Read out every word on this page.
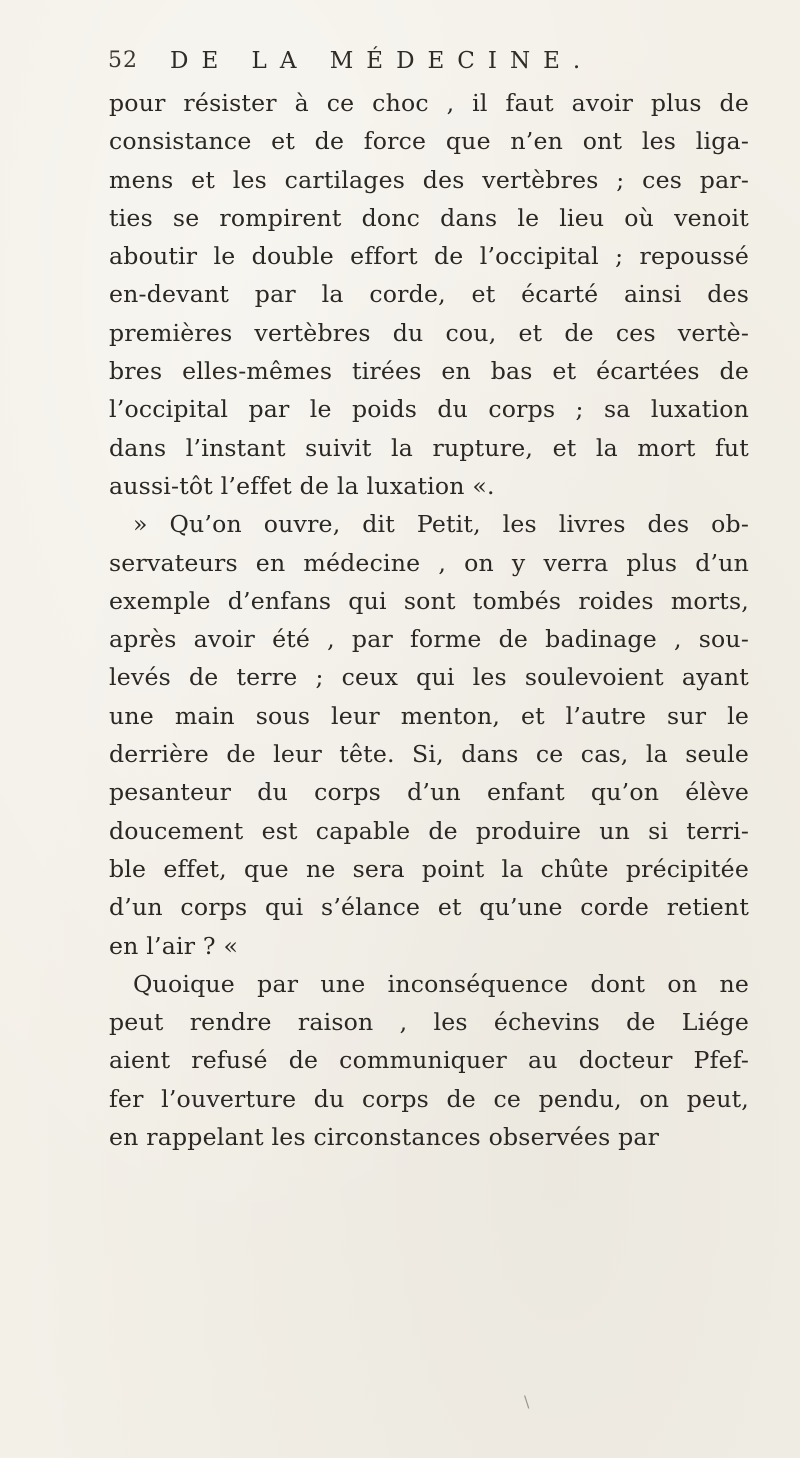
52 DE LA MÉDECINE.
pour résister à ce choc , il faut avoir plus de
consistance et de force que n’en ont les liga-
mens et les cartilages des vertèbres ; ces par-
ties se rompirent donc dans le lieu où venoit
aboutir le double effort de l’occipital ; repoussé
en-devant par la corde, et écarté ainsi des
premières vertèbres du cou, et de ces vertè-
bres elles-mêmes tirées en bas et écartées de
l’occipital par le poids du corps ; sa luxation
dans l’instant suivit la rupture, et la mort fut
aussi-tôt l’effet de la luxation «.
» Qu’on ouvre, dit Petit, les livres des ob-
servateurs en médecine , on y verra plus d’un
exemple d’enfans qui sont tombés roides morts,
après avoir été , par forme de badinage , sou-
levés de terre ; ceux qui les soulevoient ayant
une main sous leur menton, et l’autre sur le
derrière de leur tête. Si, dans ce cas, la seule
pesanteur du corps d’un enfant qu’on élève
doucement est capable de produire un si terri-
ble effet, que ne sera point la chûte précipitée
d’un corps qui s’élance et qu’une corde retient
en l’air ? «
Quoique par une inconséquence dont on ne
peut rendre raison , les échevins de Liége
aient refusé de communiquer au docteur Pfef-
fer l’ouverture du corps de ce pendu, on peut,
en rappelant les circonstances observées par
\
